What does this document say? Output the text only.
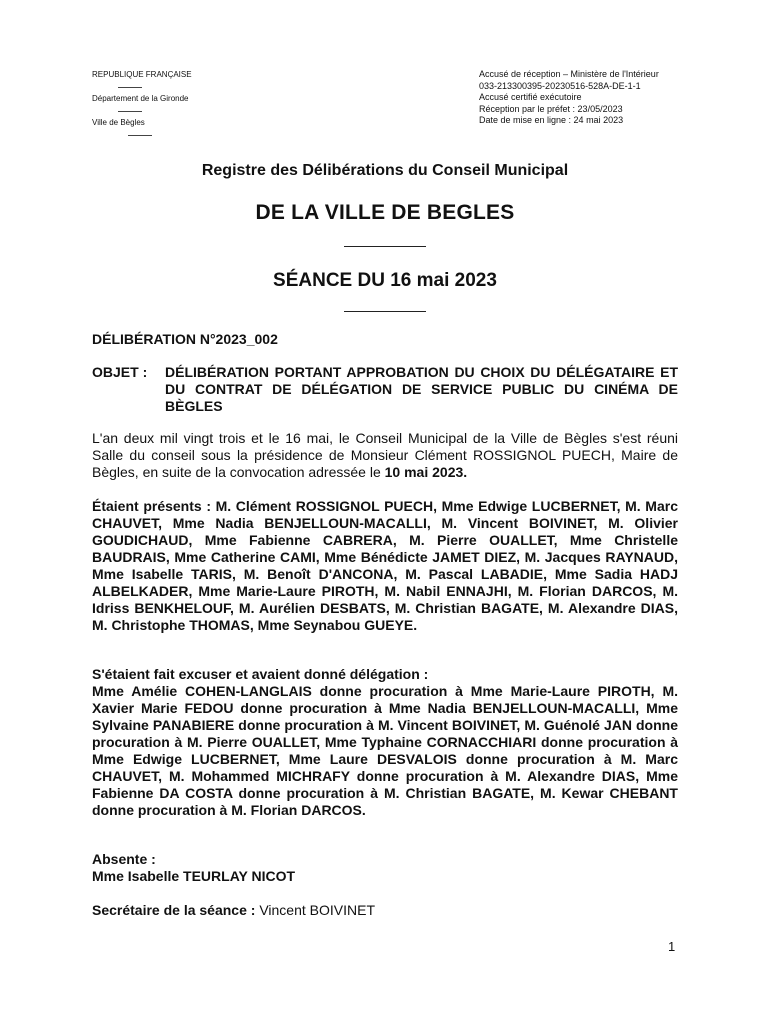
REPUBLIQUE FRANÇAISE
Département de la Gironde
Ville de Bègles
Accusé de réception – Ministère de l'Intérieur
033-213300395-20230516-528A-DE-1-1
Accusé certifié exécutoire
Réception par le préfet : 23/05/2023
Date de mise en ligne : 24 mai 2023
Registre des Délibérations du Conseil Municipal
DE LA VILLE DE BEGLES
SÉANCE DU 16 mai 2023
DÉLIBÉRATION N°2023_002
OBJET :	DÉLIBÉRATION PORTANT APPROBATION DU CHOIX DU DÉLÉGATAIRE ET DU CONTRAT DE DÉLÉGATION DE SERVICE PUBLIC DU CINÉMA DE BÈGLES
L'an deux mil vingt trois et le 16 mai, le Conseil Municipal de la Ville de Bègles s'est réuni Salle du conseil sous la présidence de Monsieur Clément ROSSIGNOL PUECH, Maire de Bègles, en suite de la convocation adressée le 10 mai 2023.
Étaient présents : M. Clément ROSSIGNOL PUECH, Mme Edwige LUCBERNET, M. Marc CHAUVET, Mme Nadia BENJELLOUN-MACALLI, M. Vincent BOIVINET, M. Olivier GOUDICHAUD, Mme Fabienne CABRERA, M. Pierre OUALLET, Mme Christelle BAUDRAIS, Mme Catherine CAMI, Mme Bénédicte JAMET DIEZ, M. Jacques RAYNAUD, Mme Isabelle TARIS, M. Benoît D'ANCONA, M. Pascal LABADIE, Mme Sadia HADJ ALBELKADER, Mme Marie-Laure PIROTH, M. Nabil ENNAJHI, M. Florian DARCOS, M. Idriss BENKHELOUF, M. Aurélien DESBATS, M. Christian BAGATE, M. Alexandre DIAS, M. Christophe THOMAS, Mme Seynabou GUEYE.
S'étaient fait excuser et avaient donné délégation :
Mme Amélie COHEN-LANGLAIS donne procuration à Mme Marie-Laure PIROTH, M. Xavier Marie FEDOU donne procuration à Mme Nadia BENJELLOUN-MACALLI, Mme Sylvaine PANABIERE donne procuration à M. Vincent BOIVINET, M. Guénolé JAN donne procuration à M. Pierre OUALLET, Mme Typhaine CORNACCHIARI donne procuration à Mme Edwige LUCBERNET, Mme Laure DESVALOIS donne procuration à M. Marc CHAUVET, M. Mohammed MICHRAFY donne procuration à M. Alexandre DIAS, Mme Fabienne DA COSTA donne procuration à M. Christian BAGATE, M. Kewar CHEBANT donne procuration à M. Florian DARCOS.
Absente :
Mme Isabelle TEURLAY NICOT
Secrétaire de la séance : Vincent BOIVINET
1
